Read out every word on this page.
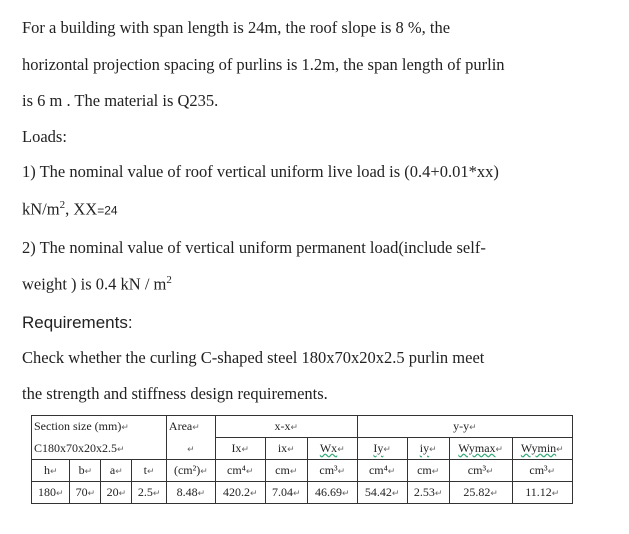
For a building with span length is 24m, the roof slope is 8 %, the
horizontal projection spacing of purlins is 1.2m, the span length of purlin
is 6 m . The material is Q235.
Loads:
1) The nominal value of roof vertical uniform live load is (0.4+0.01*xx)
$kN/m^2$, XX=24
2) The nominal value of vertical uniform permanent load(include self-
weight ) is 0.4 kN / $m^2$
Requirements:
Check whether the curling C-shaped steel 180x70x20x2.5 purlin meet
the strength and stiffness design requirements.
Section size (mm)↵				Area↵	x-x↵			y-y↵			
C180x70x20x2.5↵				↵	Ix↵	ix↵	Wx↵	Iy↵	iy↵	Wymax↵	Wymin↵
h↵	b↵	a↵	t↵		(cm²)↵	cm⁴↵	cm↵	cm³↵	cm⁴↵	cm↵	cm³↵	cm³↵
180↵	70↵	20↵	2.5↵		8.48↵	420.2↵	7.04↵	46.69↵	54.42↵	2.53↵	25.82↵	11.12↵
